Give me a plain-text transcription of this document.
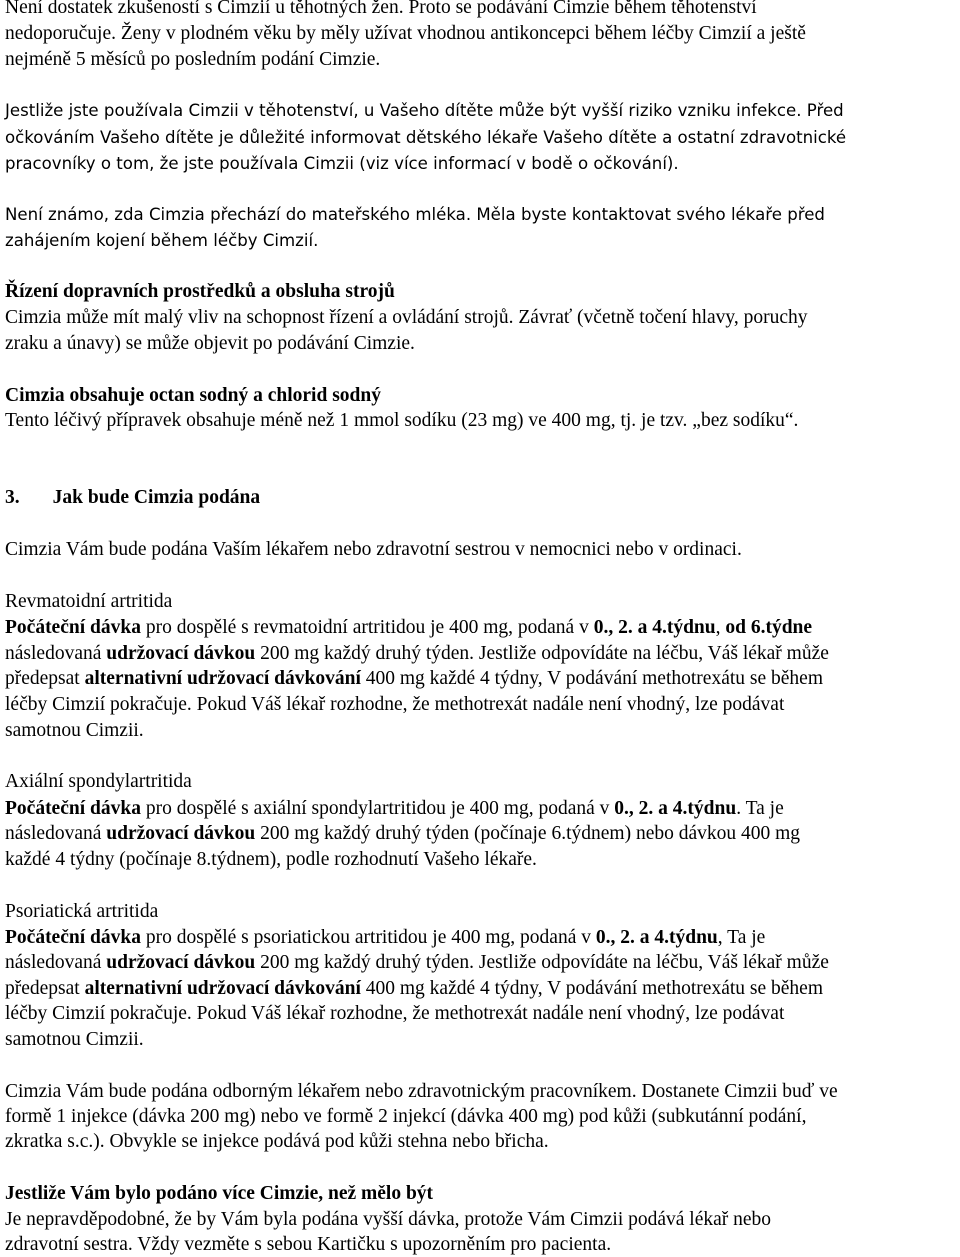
Není dostatek zkušeností s Cimzií u těhotných žen. Proto se podávání Cimzie během těhotenství

nedoporučuje. Ženy v plodném věku by měly užívat vhodnou antikoncepci během léčby Cimzií a ještě

nejméně 5 měsíců po posledním podání Cimzie.

Jestliže jste používala Cimzii v těhotenství, u Vašeho dítěte může být vyšší riziko vzniku infekce. Před

očkováním Vašeho dítěte je důležité informovat dětského lékaře Vašeho dítěte a ostatní zdravotnické

pracovníky o tom, že jste používala Cimzii (viz více informací v bodě o očkování).

Není známo, zda Cimzia přechází do mateřského mléka. Měla byste kontaktovat svého lékaře před

zahájením kojení během léčby Cimzií.

Řízení dopravních prostředků a obsluha strojů

Cimzia může mít malý vliv na schopnost řízení a ovládání strojů. Závrať (včetně točení hlavy, poruchy

zraku a únavy) se může objevit po podávání Cimzie.

Cimzia obsahuje octan sodný a chlorid sodný

Tento léčivý přípravek obsahuje méně než 1 mmol sodíku (23 mg) ve 400 mg, tj. je tzv. „bez sodíku“.

3. Jak bude Cimzia podána

Cimzia Vám bude podána Vaším lékařem nebo zdravotní sestrou v nemocnici nebo v ordinaci.

Revmatoidní artritida

Počáteční dávka pro dospělé s revmatoidní artritidou je 400 mg, podaná v 0., 2. a 4.týdnu, od 6.týdne

následovaná udržovací dávkou 200 mg každý druhý týden. Jestliže odpovídáte na léčbu, Váš lékař může

předepsat alternativní udržovací dávkování 400 mg každé 4 týdny, V podávání methotrexátu se během

léčby Cimzií pokračuje. Pokud Váš lékař rozhodne, že methotrexát nadále není vhodný, lze podávat

samotnou Cimzii.

Axiální spondylartritida

Počáteční dávka pro dospělé s axiální spondylartritidou je 400 mg, podaná v 0., 2. a 4.týdnu. Ta je

následovaná udržovací dávkou 200 mg každý druhý týden (počínaje 6.týdnem) nebo dávkou 400 mg

každé 4 týdny (počínaje 8.týdnem), podle rozhodnutí Vašeho lékaře.

Psoriatická artritida

Počáteční dávka pro dospělé s psoriatickou artritidou je 400 mg, podaná v 0., 2. a 4.týdnu, Ta je

následovaná udržovací dávkou 200 mg každý druhý týden. Jestliže odpovídáte na léčbu, Váš lékař může

předepsat alternativní udržovací dávkování 400 mg každé 4 týdny, V podávání methotrexátu se během

léčby Cimzií pokračuje. Pokud Váš lékař rozhodne, že methotrexát nadále není vhodný, lze podávat

samotnou Cimzii.

Cimzia Vám bude podána odborným lékařem nebo zdravotnickým pracovníkem. Dostanete Cimzii buď ve

formě 1 injekce (dávka 200 mg) nebo ve formě 2 injekcí (dávka 400 mg) pod kůži (subkutánní podání,

zkratka s.c.). Obvykle se injekce podává pod kůži stehna nebo břicha.

Jestliže Vám bylo podáno více Cimzie, než mělo být

Je nepravděpodobné, že by Vám byla podána vyšší dávka, protože Vám Cimzii podává lékař nebo

zdravotní sestra. Vždy vezměte s sebou Kartičku s upozorněním pro pacienta.
